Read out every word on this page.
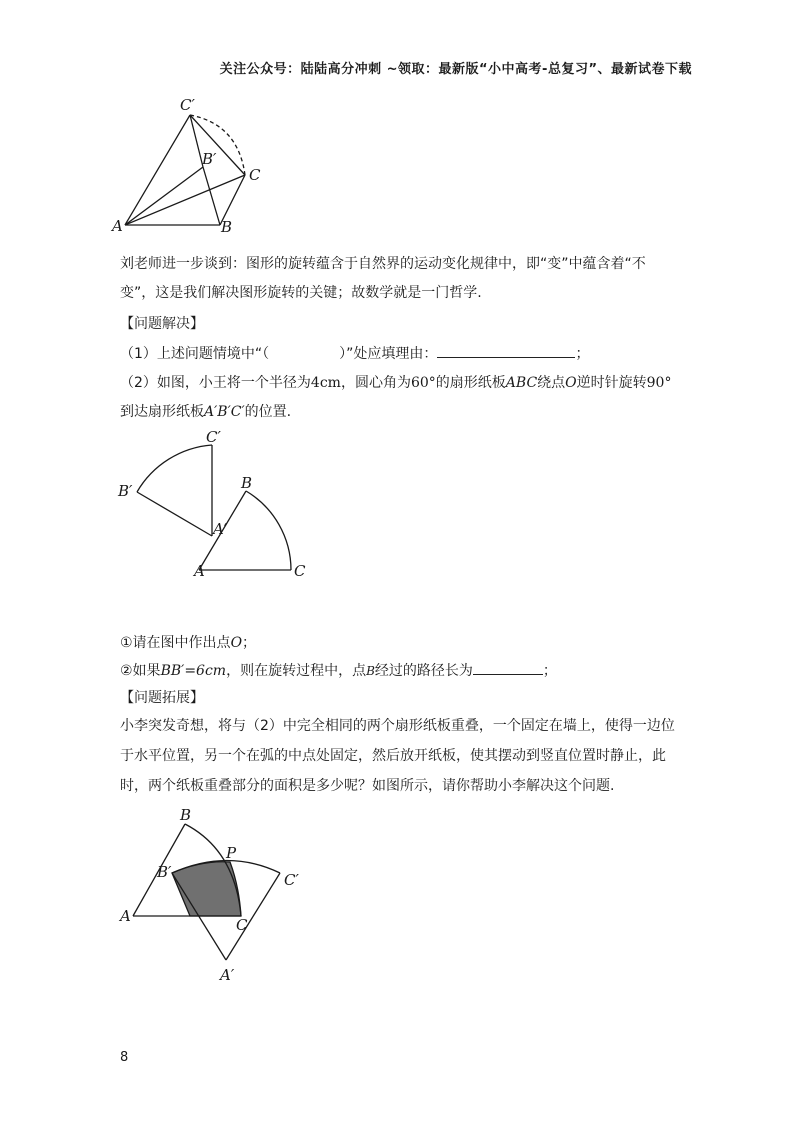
关注公众号：陆陆高分冲刺 ~领取：最新版“小中高考-总复习”、最新试卷下载
C′
B′
C
A	B
刘老师进一步谈到：图形的旋转蕴含于自然界的运动变化规律中，即“变”中蕴含着“不
变”，这是我们解决图形旋转的关键；故数学就是一门哲学.
【问题解决】
（1）上述问题情境中“（	）”处应填理由：	；
（2）如图，小王将一个半径为4cm，圆心角为60°的扇形纸板ABC绕点O逆时针旋转90°
到达扇形纸板A′B′C′的位置.
C′
B′	B
A′
A	C
①请在图中作出点O；
②如果BB′=6cm，则在旋转过程中，点B经过的路径长为	；
【问题拓展】
小李突发奇想，将与（2）中完全相同的两个扇形纸板重叠，一个固定在墙上，使得一边位
于水平位置，另一个在弧的中点处固定，然后放开纸板，使其摆动到竖直位置时静止，此
时，两个纸板重叠部分的面积是多少呢？如图所示，请你帮助小李解决这个问题.
B
P
B′	C′
A	C
A′
8
